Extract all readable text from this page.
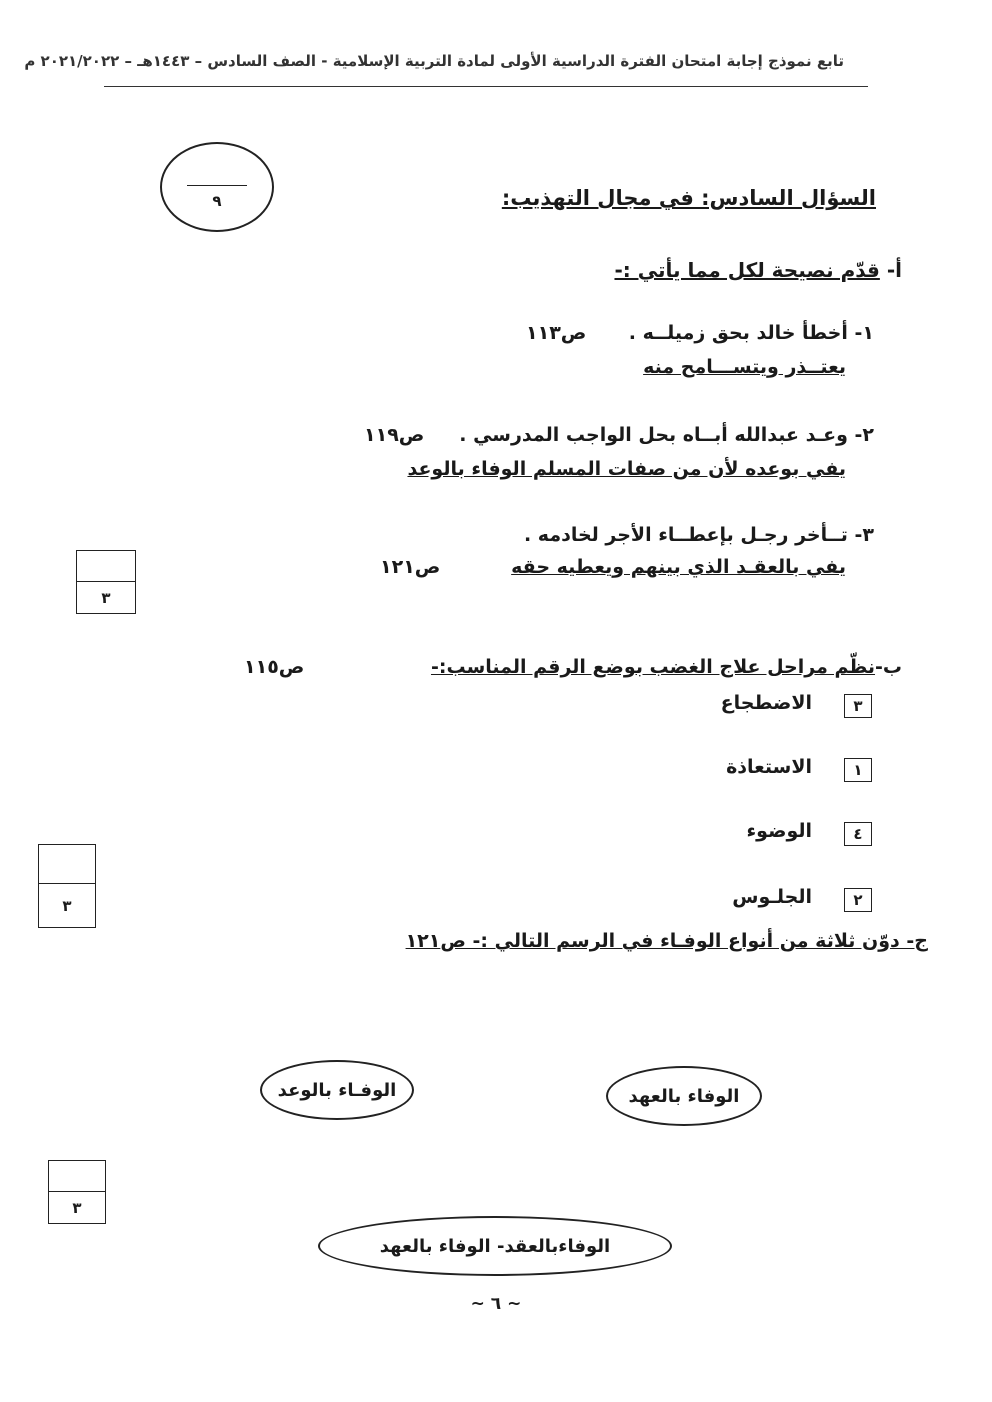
تابع نموذج إجابة امتحان الفترة الدراسية الأولى لمادة التربية الإسلامية - الصف السادس – ١٤٤٣هـ – ٢٠٢١/٢٠٢٢ م
٩	السؤال السادس: في مجال التهذيب:
أ- قدّم نصيحة لكل مما يأتي :-
١- أخطأ خالد بحق زميلــه .
ص١١٣
يعتــذر ويتســـامح منه
٢- وعـد عبدالله أبــاه بحل الواجب المدرسي .
ص١١٩
يفي بوعده لأن من صفات المسلم الوفاء بالوعد
٣- تــأخر رجـل بإعطــاء الأجر لخادمه .
يفي بالعقـد الذي بينهم ويعطيه حقه
ص١٢١
٣
ب-نظّم مراحل علاج الغضب بوضع الرقم المناسب:-
ص١١٥
٣
الاضطجاع
١
الاستعاذة
٤
الوضوء
٢
الجلـوس
٣
ج- دوّن ثلاثة من أنواع الوفـاء في الرسم التالي :- ص١٢١
الوفـاء بالوعد	الوفاء بالعهد
الوفاءبالعقد- الوفاء بالعهد
٣
~ ٦ ~
